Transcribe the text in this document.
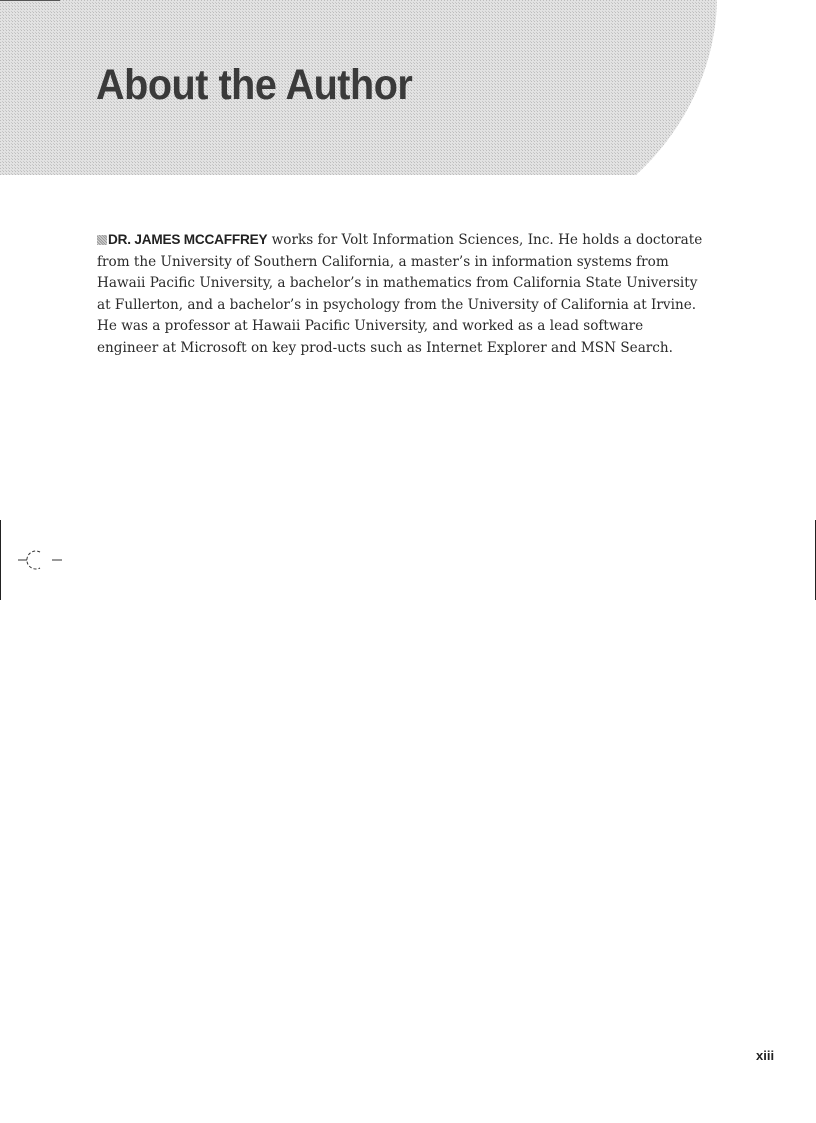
About the Author

DR. JAMES MCCAFFREY works for Volt Information Sciences, Inc. He holds a doctorate from the University of Southern California, a master’s in information systems from Hawaii Pacific University, a bachelor’s in mathematics from California State University at Fullerton, and a bachelor’s in psychology from the University of California at Irvine. He was a professor at Hawaii Pacific University, and worked as a lead software engineer at Microsoft on key prod-ucts such as Internet Explorer and MSN Search.

xiii
